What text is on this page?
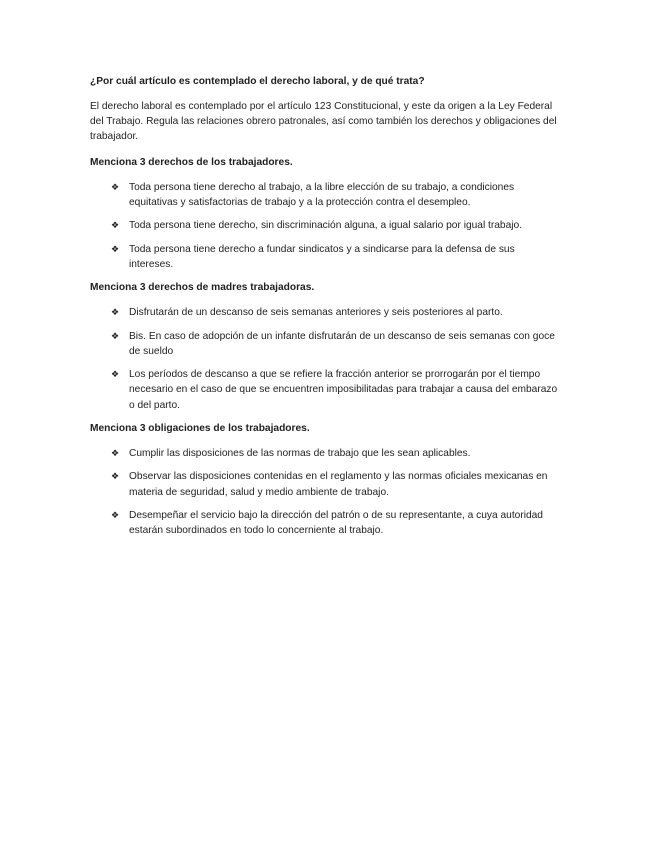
¿Por cuál artículo es contemplado el derecho laboral, y de qué trata?

El derecho laboral es contemplado por el artículo 123 Constitucional, y este da origen a la Ley Federal del Trabajo. Regula las relaciones obrero patronales, así como también los derechos y obligaciones del trabajador.

Menciona 3 derechos de los trabajadores.

❖ Toda persona tiene derecho al trabajo, a la libre elección de su trabajo, a condiciones equitativas y satisfactorias de trabajo y a la protección contra el desempleo.
❖ Toda persona tiene derecho, sin discriminación alguna, a igual salario por igual trabajo.
❖ Toda persona tiene derecho a fundar sindicatos y a sindicarse para la defensa de sus intereses.

Menciona 3 derechos de madres trabajadoras.

❖ Disfrutarán de un descanso de seis semanas anteriores y seis posteriores al parto.
❖ Bis. En caso de adopción de un infante disfrutarán de un descanso de seis semanas con goce de sueldo
❖ Los períodos de descanso a que se refiere la fracción anterior se prorrogarán por el tiempo necesario en el caso de que se encuentren imposibilitadas para trabajar a causa del embarazo o del parto.

Menciona 3 obligaciones de los trabajadores.

❖ Cumplir las disposiciones de las normas de trabajo que les sean aplicables.
❖ Observar las disposiciones contenidas en el reglamento y las normas oficiales mexicanas en materia de seguridad, salud y medio ambiente de trabajo.
❖ Desempeñar el servicio bajo la dirección del patrón o de su representante, a cuya autoridad estarán subordinados en todo lo concerniente al trabajo.
